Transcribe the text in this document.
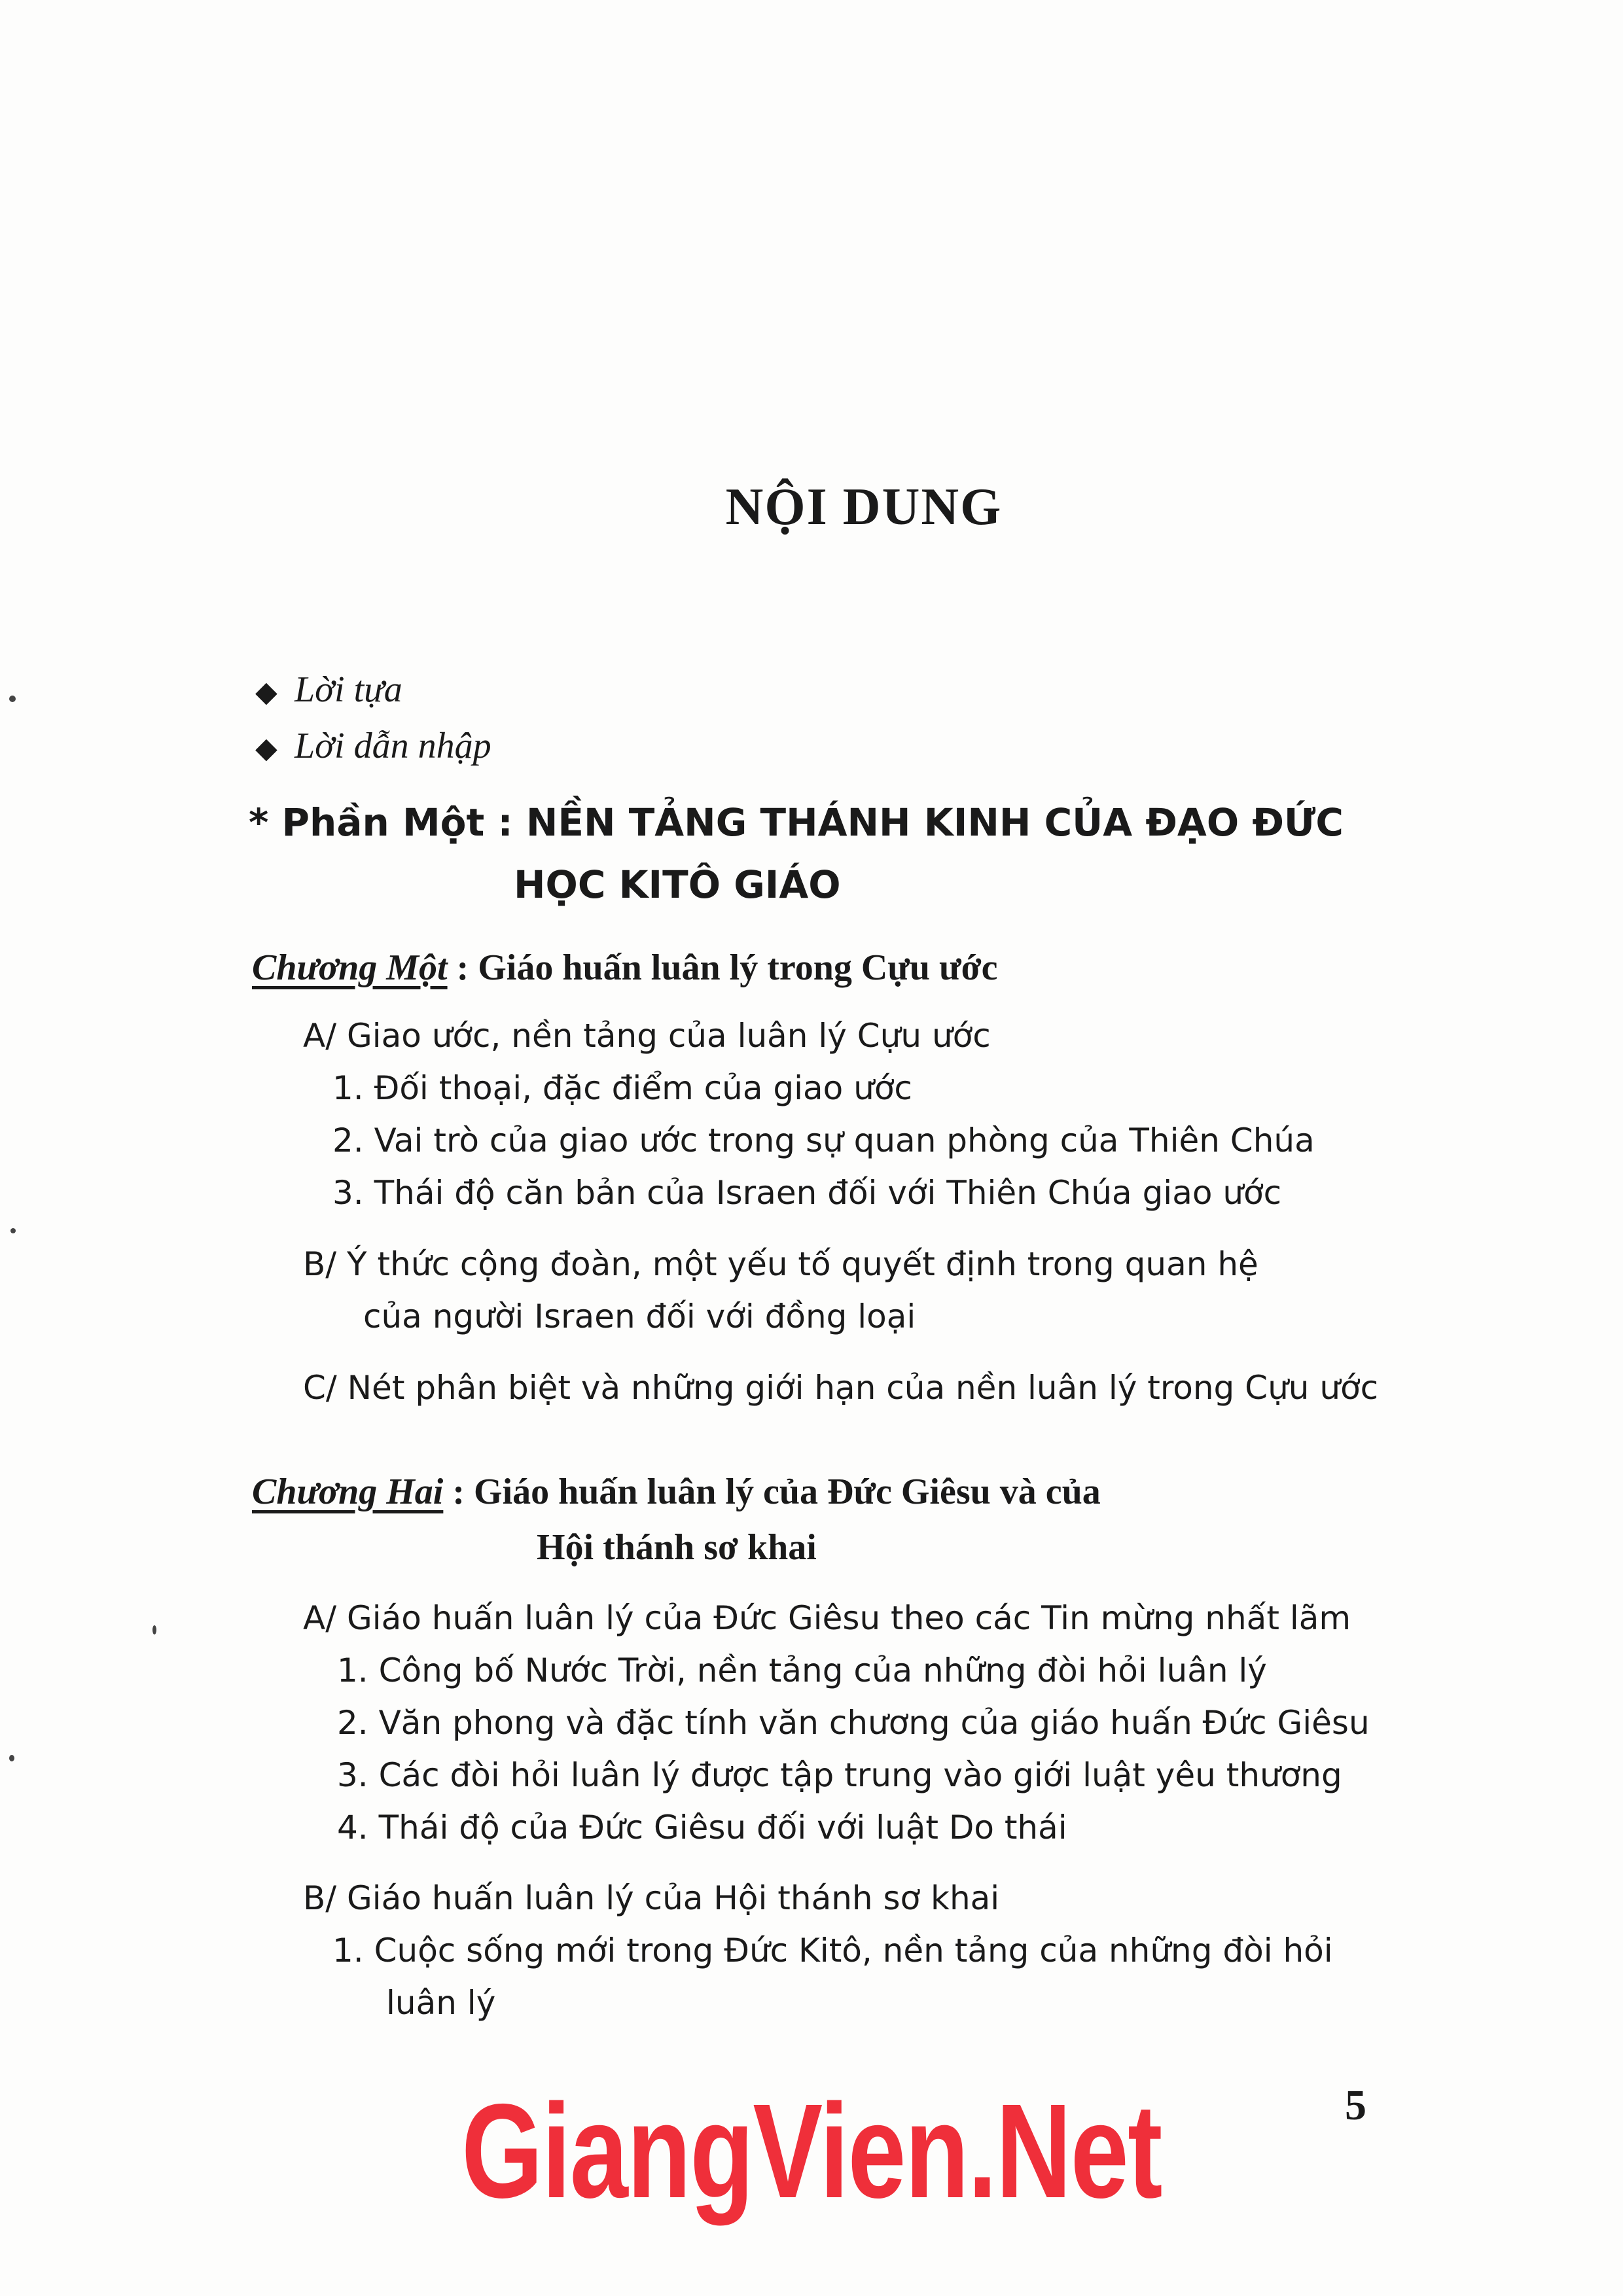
NỘI DUNG
◆ Lời tựa
◆ Lời dẫn nhập
* Phần Một : NỀN TẢNG THÁNH KINH CỦA ĐẠO ĐỨC
HỌC KITÔ GIÁO
Chương Một : Giáo huấn luân lý trong Cựu ước
A/ Giao ước, nền tảng của luân lý Cựu ước
1. Đối thoại, đặc điểm của giao ước
2. Vai trò của giao ước trong sự quan phòng của Thiên Chúa
3. Thái độ căn bản của Israen đối với Thiên Chúa giao ước
B/ Ý thức cộng đoàn, một yếu tố quyết định trong quan hệ
của người Israen đối với đồng loại
C/ Nét phân biệt và những giới hạn của nền luân lý trong Cựu ước
Chương Hai : Giáo huấn luân lý của Đức Giêsu và của
Hội thánh sơ khai
A/ Giáo huấn luân lý của Đức Giêsu theo các Tin mừng nhất lãm
1. Công bố Nước Trời, nền tảng của những đòi hỏi luân lý
2. Văn phong và đặc tính văn chương của giáo huấn Đức Giêsu
3. Các đòi hỏi luân lý được tập trung vào giới luật yêu thương
4. Thái độ của Đức Giêsu đối với luật Do thái
B/ Giáo huấn luân lý của Hội thánh sơ khai
1. Cuộc sống mới trong Đức Kitô, nền tảng của những đòi hỏi
luân lý
5
GiangVien.Net
